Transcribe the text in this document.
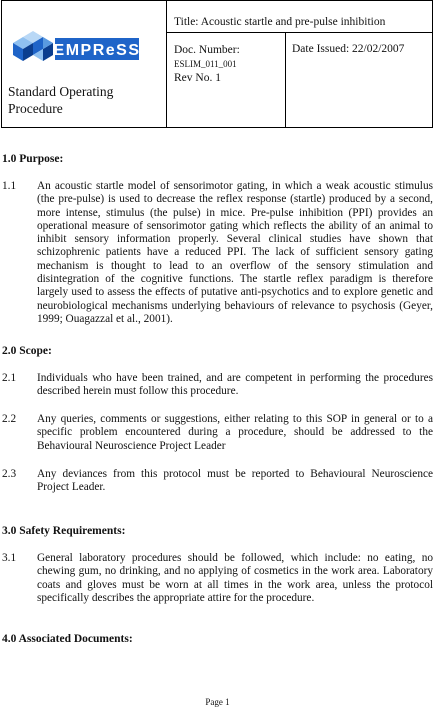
EMPReSS
Standard Operating Procedure
Title: Acoustic startle and pre-pulse inhibition
Doc. Number:
ESLIM_011_001
Rev No. 1
Date Issued: 22/02/2007
1.0 Purpose:
1.1	An acoustic startle model of sensorimotor gating, in which a weak acoustic stimulus (the pre-pulse) is used to decrease the reflex response (startle) produced by a second, more intense, stimulus (the pulse) in mice. Pre-pulse inhibition (PPI) provides an operational measure of sensorimotor gating which reflects the ability of an animal to inhibit sensory information properly. Several clinical studies have shown that schizophrenic patients have a reduced PPI. The lack of sufficient sensory gating mechanism is thought to lead to an overflow of the sensory stimulation and disintegration of the cognitive functions. The startle reflex paradigm is therefore largely used to assess the effects of putative anti-psychotics and to explore genetic and neurobiological mechanisms underlying behaviours of relevance to psychosis (Geyer, 1999; Ouagazzal et al., 2001).
2.0 Scope:
2.1	Individuals who have been trained, and are competent in performing the procedures described herein must follow this procedure.
2.2	Any queries, comments or suggestions, either relating to this SOP in general or to a specific problem encountered during a procedure, should be addressed to the Behavioural Neuroscience Project Leader
2.3	Any deviances from this protocol must be reported to Behavioural Neuroscience Project Leader.
3.0 Safety Requirements:
3.1	General laboratory procedures should be followed, which include: no eating, no chewing gum, no drinking, and no applying of cosmetics in the work area. Laboratory coats and gloves must be worn at all times in the work area, unless the protocol specifically describes the appropriate attire for the procedure.
4.0 Associated Documents:
Page 1
